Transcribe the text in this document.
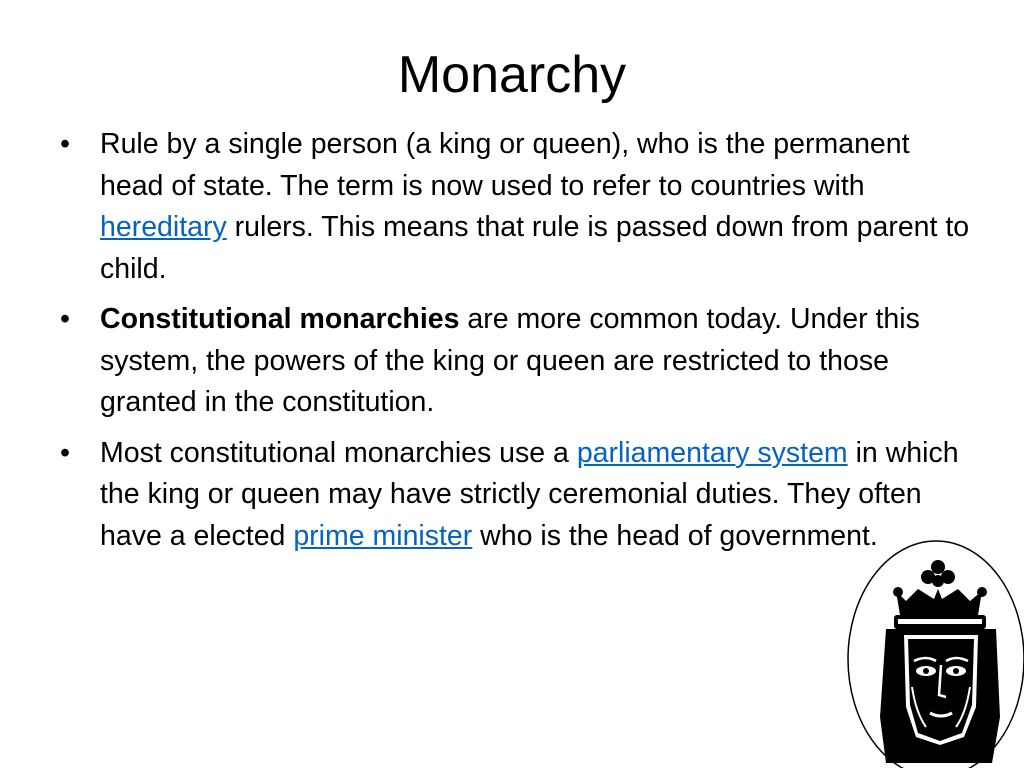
Monarchy
• Rule by a single person (a king or queen), who is the permanent head of state. The term is now used to refer to countries with hereditary rulers. This means that rule is passed down from parent to child.
• Constitutional monarchies are more common today. Under this system, the powers of the king or queen are restricted to those granted in the constitution.
• Most constitutional monarchies use a parliamentary system in which the king or queen may have strictly ceremonial duties. They often have a elected prime minister who is the head of government.
